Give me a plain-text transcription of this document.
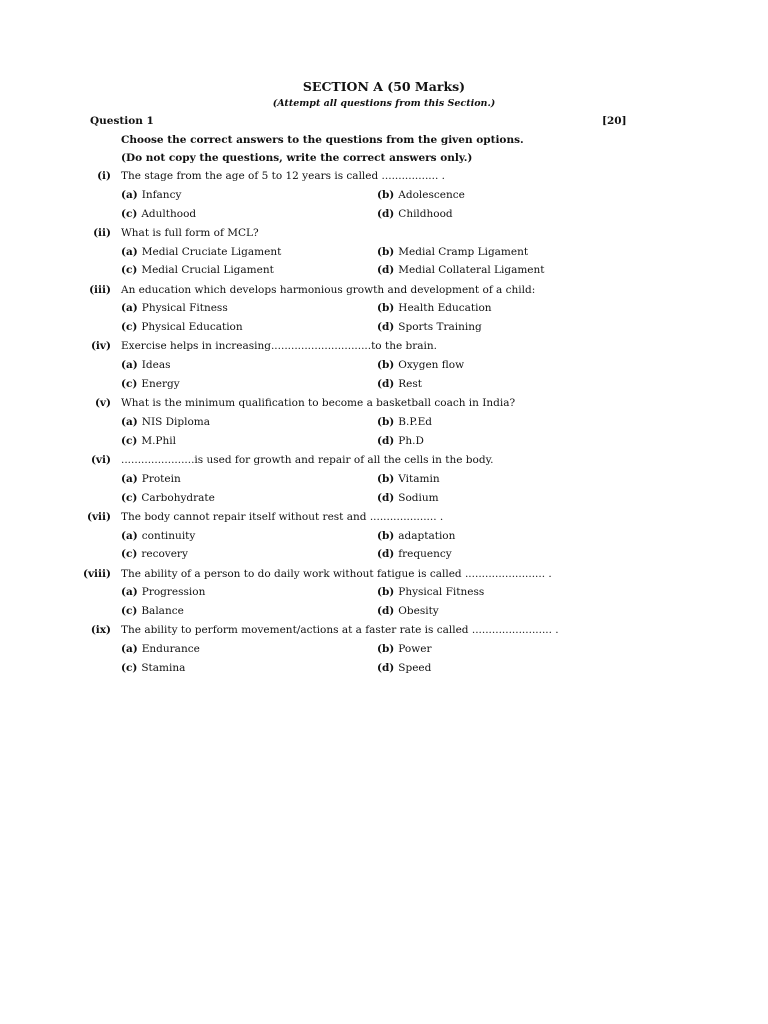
SECTION A (50 Marks)
(Attempt all questions from this Section.)
Question 1	[20]
Choose the correct answers to the questions from the given options.
(Do not copy the questions, write the correct answers only.)
(i) The stage from the age of 5 to 12 years is called ................. .
(a) Infancy	(b) Adolescence
(c) Adulthood	(d) Childhood
(ii) What is full form of MCL?
(a) Medial Cruciate Ligament	(b) Medial Cramp Ligament
(c) Medial Crucial Ligament	(d) Medial Collateral Ligament
(iii) An education which develops harmonious growth and development of a child:
(a) Physical Fitness	(b) Health Education
(c) Physical Education	(d) Sports Training
(iv) Exercise helps in increasing..............................to the brain.
(a) Ideas	(b) Oxygen flow
(c) Energy	(d) Rest
(v) What is the minimum qualification to become a basketball coach in India?
(a) NIS Diploma	(b) B.P.Ed
(c) M.Phil	(d) Ph.D
(vi) ......................is used for growth and repair of all the cells in the body.
(a) Protein	(b) Vitamin
(c) Carbohydrate	(d) Sodium
(vii) The body cannot repair itself without rest and .................... .
(a) continuity	(b) adaptation
(c) recovery	(d) frequency
(viii) The ability of a person to do daily work without fatigue is called ........................ .
(a) Progression	(b) Physical Fitness
(c) Balance	(d) Obesity
(ix) The ability to perform movement/actions at a faster rate is called ........................ .
(a) Endurance	(b) Power
(c) Stamina	(d) Speed
